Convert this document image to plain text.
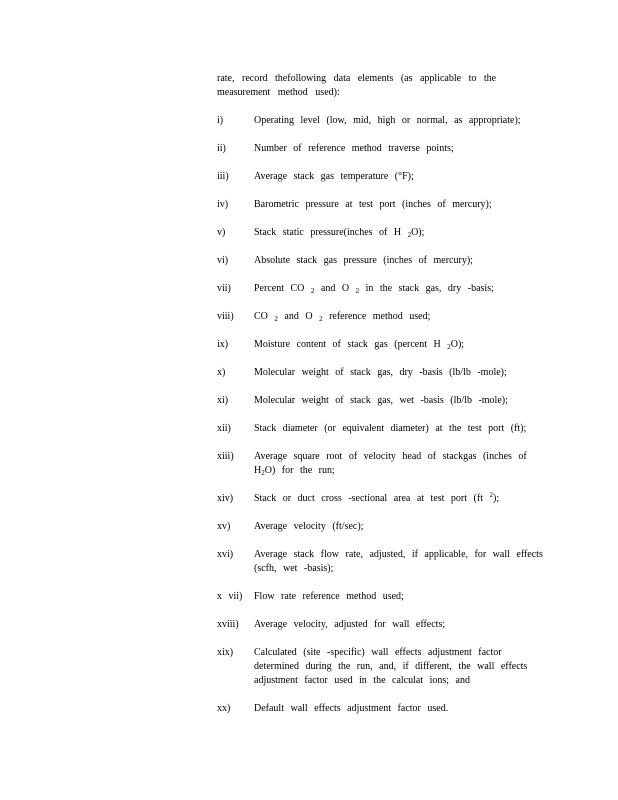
rate, record thefollowing data elements (as applicable to the measurement method used):
i)	Operating level (low, mid, high or normal, as appropriate);
ii)	Number of reference method traverse points;
iii)	Average stack gas temperature (°F);
iv)	Barometric pressure at test port (inches of mercury);
v)	Stack static pressure(inches of H $_2$O);
vi)	Absolute stack gas pressure (inches of mercury);
vii)	Percent CO $_2$ and O $_2$ in the stack gas, dry -basis;
viii)	CO $_2$ and O $_2$ reference method used;
ix)	Moisture content of stack gas (percent H $_2$O);
x)	Molecular weight of stack gas, dry -basis (lb/lb -mole);
xi)	Molecular weight of stack gas, wet -basis (lb/lb -mole);
xii)	Stack diameter (or equivalent diameter) at the test port (ft);
xiii)	Average square root of velocity head of stackgas (inches of $H_2O$) for the run;
xiv)	Stack or duct cross -sectional area at test port (ft $^2$);
xv)	Average velocity (ft/sec);
xvi)	Average stack flow rate, adjusted, if applicable, for wall effects (scfh, wet -basis);
x vii)	Flow rate reference method used;
xviii)	Average velocity, adjusted for wall effects;
xix)	Calculated (site -specific) wall effects adjustment factor determined during the run, and, if different, the wall effects adjustment factor used in the calculat ions; and
xx)	Default wall effects adjustment factor used.
